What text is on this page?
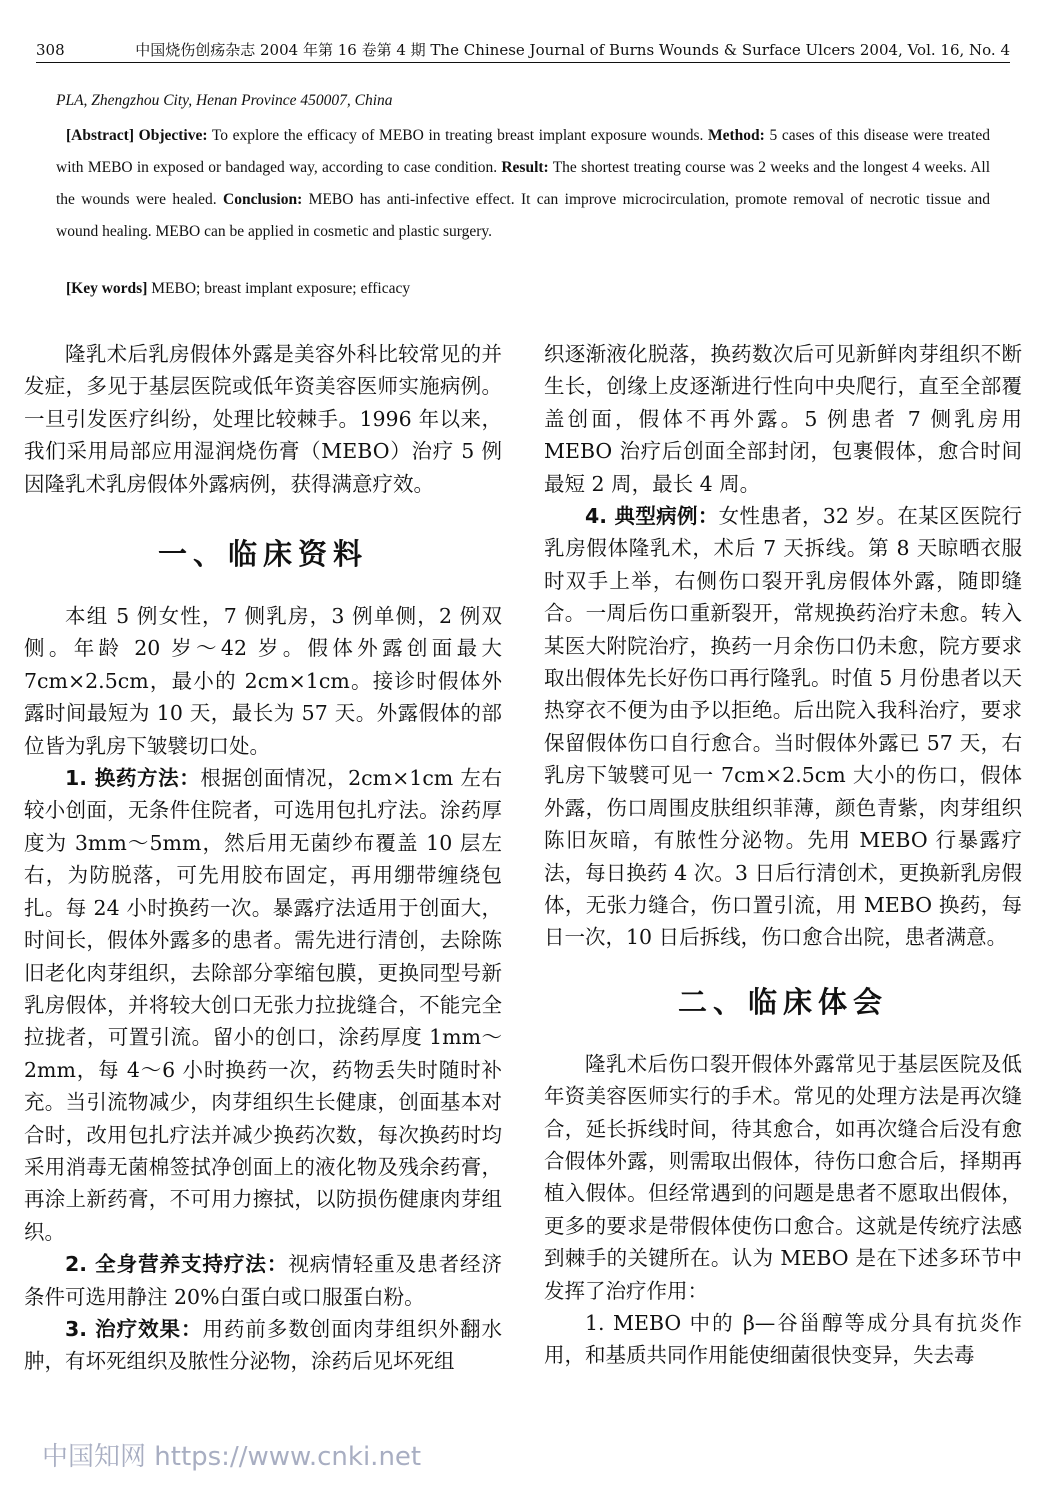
308	中国烧伤创疡杂志 2004 年第 16 卷第 4 期 The Chinese Journal of Burns Wounds & Surface Ulcers 2004, Vol. 16, No. 4
PLA, Zhengzhou City, Henan Province 450007, China
[Abstract] Objective: To explore the efficacy of MEBO in treating breast implant exposure wounds. Method: 5 cases of this disease were treated with MEBO in exposed or bandaged way, according to case condition. Result: The shortest treating course was 2 weeks and the longest 4 weeks. All the wounds were healed. Conclusion: MEBO has anti-infective effect. It can improve microcirculation, promote removal of necrotic tissue and wound healing. MEBO can be applied in cosmetic and plastic surgery.
[Key words] MEBO; breast implant exposure; efficacy

隆乳术后乳房假体外露是美容外科比较常见的并发症，多见于基层医院或低年资美容医师实施病例。一旦引发医疗纠纷，处理比较棘手。1996 年以来，我们采用局部应用湿润烧伤膏（MEBO）治疗 5 例因隆乳术乳房假体外露病例，获得满意疗效。

一、临床资料

本组 5 例女性，7 侧乳房，3 例单侧，2 例双侧。年龄 20 岁～42 岁。假体外露创面最大 7cm×2.5cm，最小的 2cm×1cm。接诊时假体外露时间最短为 10 天，最长为 57 天。外露假体的部位皆为乳房下皱襞切口处。

1. 换药方法：根据创面情况，2cm×1cm 左右较小创面，无条件住院者，可选用包扎疗法。涂药厚度为 3mm～5mm，然后用无菌纱布覆盖 10 层左右，为防脱落，可先用胶布固定，再用绷带缠绕包扎。每 24 小时换药一次。暴露疗法适用于创面大，时间长，假体外露多的患者。需先进行清创，去除陈旧老化肉芽组织，去除部分挛缩包膜，更换同型号新乳房假体，并将较大创口无张力拉拢缝合，不能完全拉拢者，可置引流。留小的创口，涂药厚度 1mm～2mm，每 4～6 小时换药一次，药物丢失时随时补充。当引流物减少，肉芽组织生长健康，创面基本对合时，改用包扎疗法并减少换药次数，每次换药时均采用消毒无菌棉签拭净创面上的液化物及残余药膏，再涂上新药膏，不可用力擦拭，以防损伤健康肉芽组织。

2. 全身营养支持疗法：视病情轻重及患者经济条件可选用静注 20%白蛋白或口服蛋白粉。

3. 治疗效果：用药前多数创面肉芽组织外翻水肿，有坏死组织及脓性分泌物，涂药后见坏死组

织逐渐液化脱落，换药数次后可见新鲜肉芽组织不断生长，创缘上皮逐渐进行性向中央爬行，直至全部覆盖创面，假体不再外露。5 例患者 7 侧乳房用 MEBO 治疗后创面全部封闭，包裹假体，愈合时间最短 2 周，最长 4 周。

4. 典型病例：女性患者，32 岁。在某区医院行乳房假体隆乳术，术后 7 天拆线。第 8 天晾晒衣服时双手上举，右侧伤口裂开乳房假体外露，随即缝合。一周后伤口重新裂开，常规换药治疗未愈。转入某医大附院治疗，换药一月余伤口仍未愈，院方要求取出假体先长好伤口再行隆乳。时值 5 月份患者以天热穿衣不便为由予以拒绝。后出院入我科治疗，要求保留假体伤口自行愈合。当时假体外露已 57 天，右乳房下皱襞可见一 7cm×2.5cm 大小的伤口，假体外露，伤口周围皮肤组织菲薄，颜色青紫，肉芽组织陈旧灰暗，有脓性分泌物。先用 MEBO 行暴露疗法，每日换药 4 次。3 日后行清创术，更换新乳房假体，无张力缝合，伤口置引流，用 MEBO 换药，每日一次，10 日后拆线，伤口愈合出院，患者满意。

二、临床体会

隆乳术后伤口裂开假体外露常见于基层医院及低年资美容医师实行的手术。常见的处理方法是再次缝合，延长拆线时间，待其愈合，如再次缝合后没有愈合假体外露，则需取出假体，待伤口愈合后，择期再植入假体。但经常遇到的问题是患者不愿取出假体，更多的要求是带假体使伤口愈合。这就是传统疗法感到棘手的关键所在。认为 MEBO 是在下述多环节中发挥了治疗作用：

1. MEBO 中的 β—谷甾醇等成分具有抗炎作用，和基质共同作用能使细菌很快变异，失去毒

中国知网 https://www.cnki.net
